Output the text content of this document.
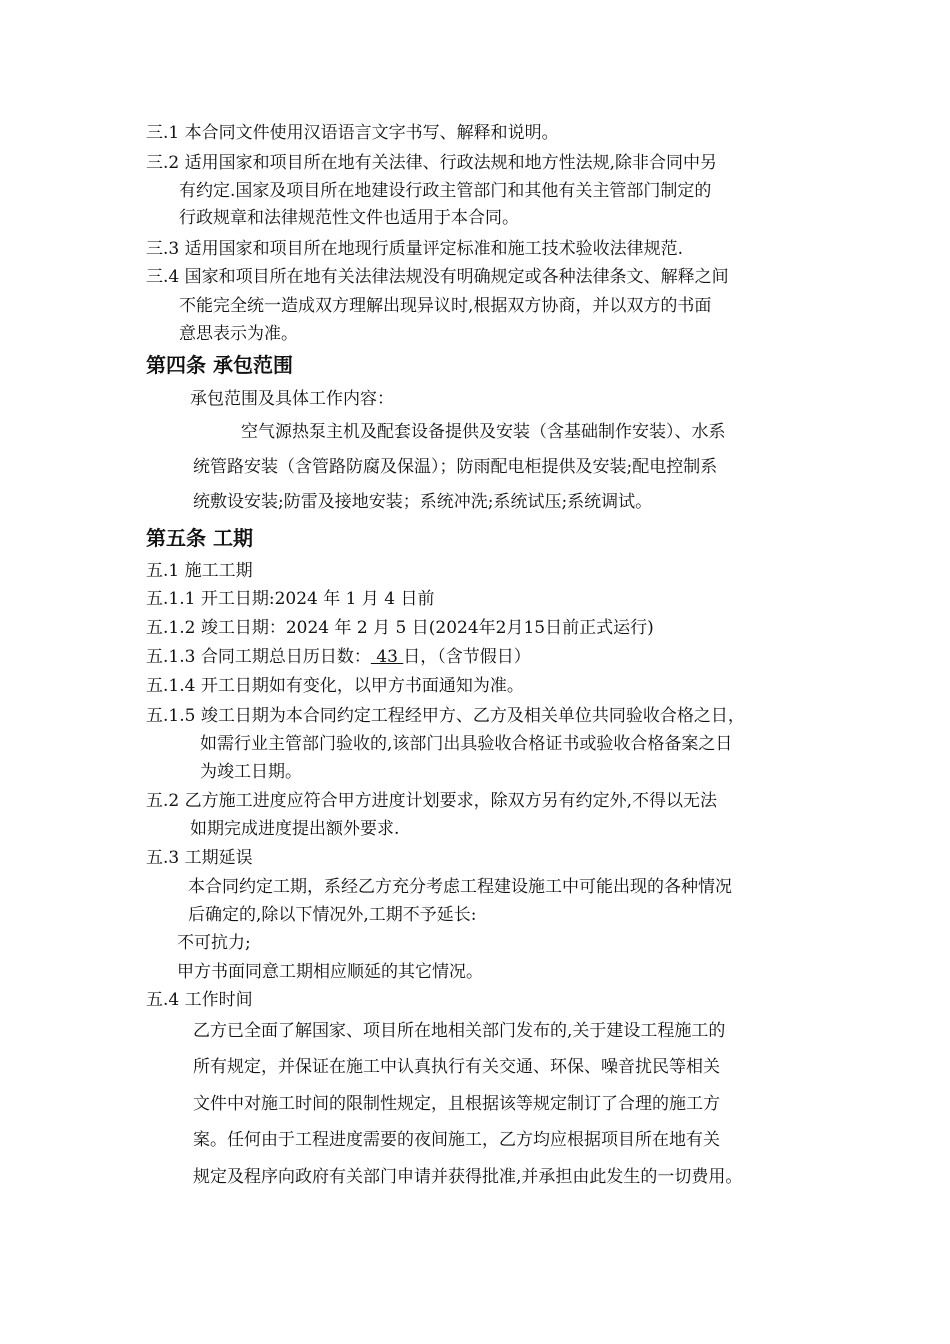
三.1 本合同文件使用汉语语言文字书写、解释和说明。
三.2 适用国家和项目所在地有关法律、行政法规和地方性法规,除非合同中另
有约定.国家及项目所在地建设行政主管部门和其他有关主管部门制定的
行政规章和法律规范性文件也适用于本合同。
三.3 适用国家和项目所在地现行质量评定标准和施工技术验收法律规范.
三.4 国家和项目所在地有关法律法规没有明确规定或各种法律条文、解释之间
不能完全统一造成双方理解出现异议时,根据双方协商，并以双方的书面
意思表示为准。
第四条 承包范围
承包范围及具体工作内容：
空气源热泵主机及配套设备提供及安装（含基础制作安装）、水系
统管路安装（含管路防腐及保温）；防雨配电柜提供及安装;配电控制系
统敷设安装;防雷及接地安装；系统冲洗;系统试压;系统调试。
第五条 工期
五.1 施工工期
五.1.1 开工日期:2024 年 1 月 4 日前
五.1.2 竣工日期：2024 年 2 月 5 日(2024年2月15日前正式运行)
五.1.3 合同工期总日历日数： 43 日，（含节假日）
五.1.4 开工日期如有变化，以甲方书面通知为准。
五.1.5 竣工日期为本合同约定工程经甲方、乙方及相关单位共同验收合格之日，
如需行业主管部门验收的,该部门出具验收合格证书或验收合格备案之日
为竣工日期。
五.2 乙方施工进度应符合甲方进度计划要求，除双方另有约定外,不得以无法
如期完成进度提出额外要求.
五.3 工期延误
本合同约定工期，系经乙方充分考虑工程建设施工中可能出现的各种情况
后确定的,除以下情况外,工期不予延长:
不可抗力;
甲方书面同意工期相应顺延的其它情况。
五.4 工作时间
乙方已全面了解国家、项目所在地相关部门发布的,关于建设工程施工的
所有规定，并保证在施工中认真执行有关交通、环保、噪音扰民等相关
文件中对施工时间的限制性规定，且根据该等规定制订了合理的施工方
案。任何由于工程进度需要的夜间施工，乙方均应根据项目所在地有关
规定及程序向政府有关部门申请并获得批准,并承担由此发生的一切费用。
